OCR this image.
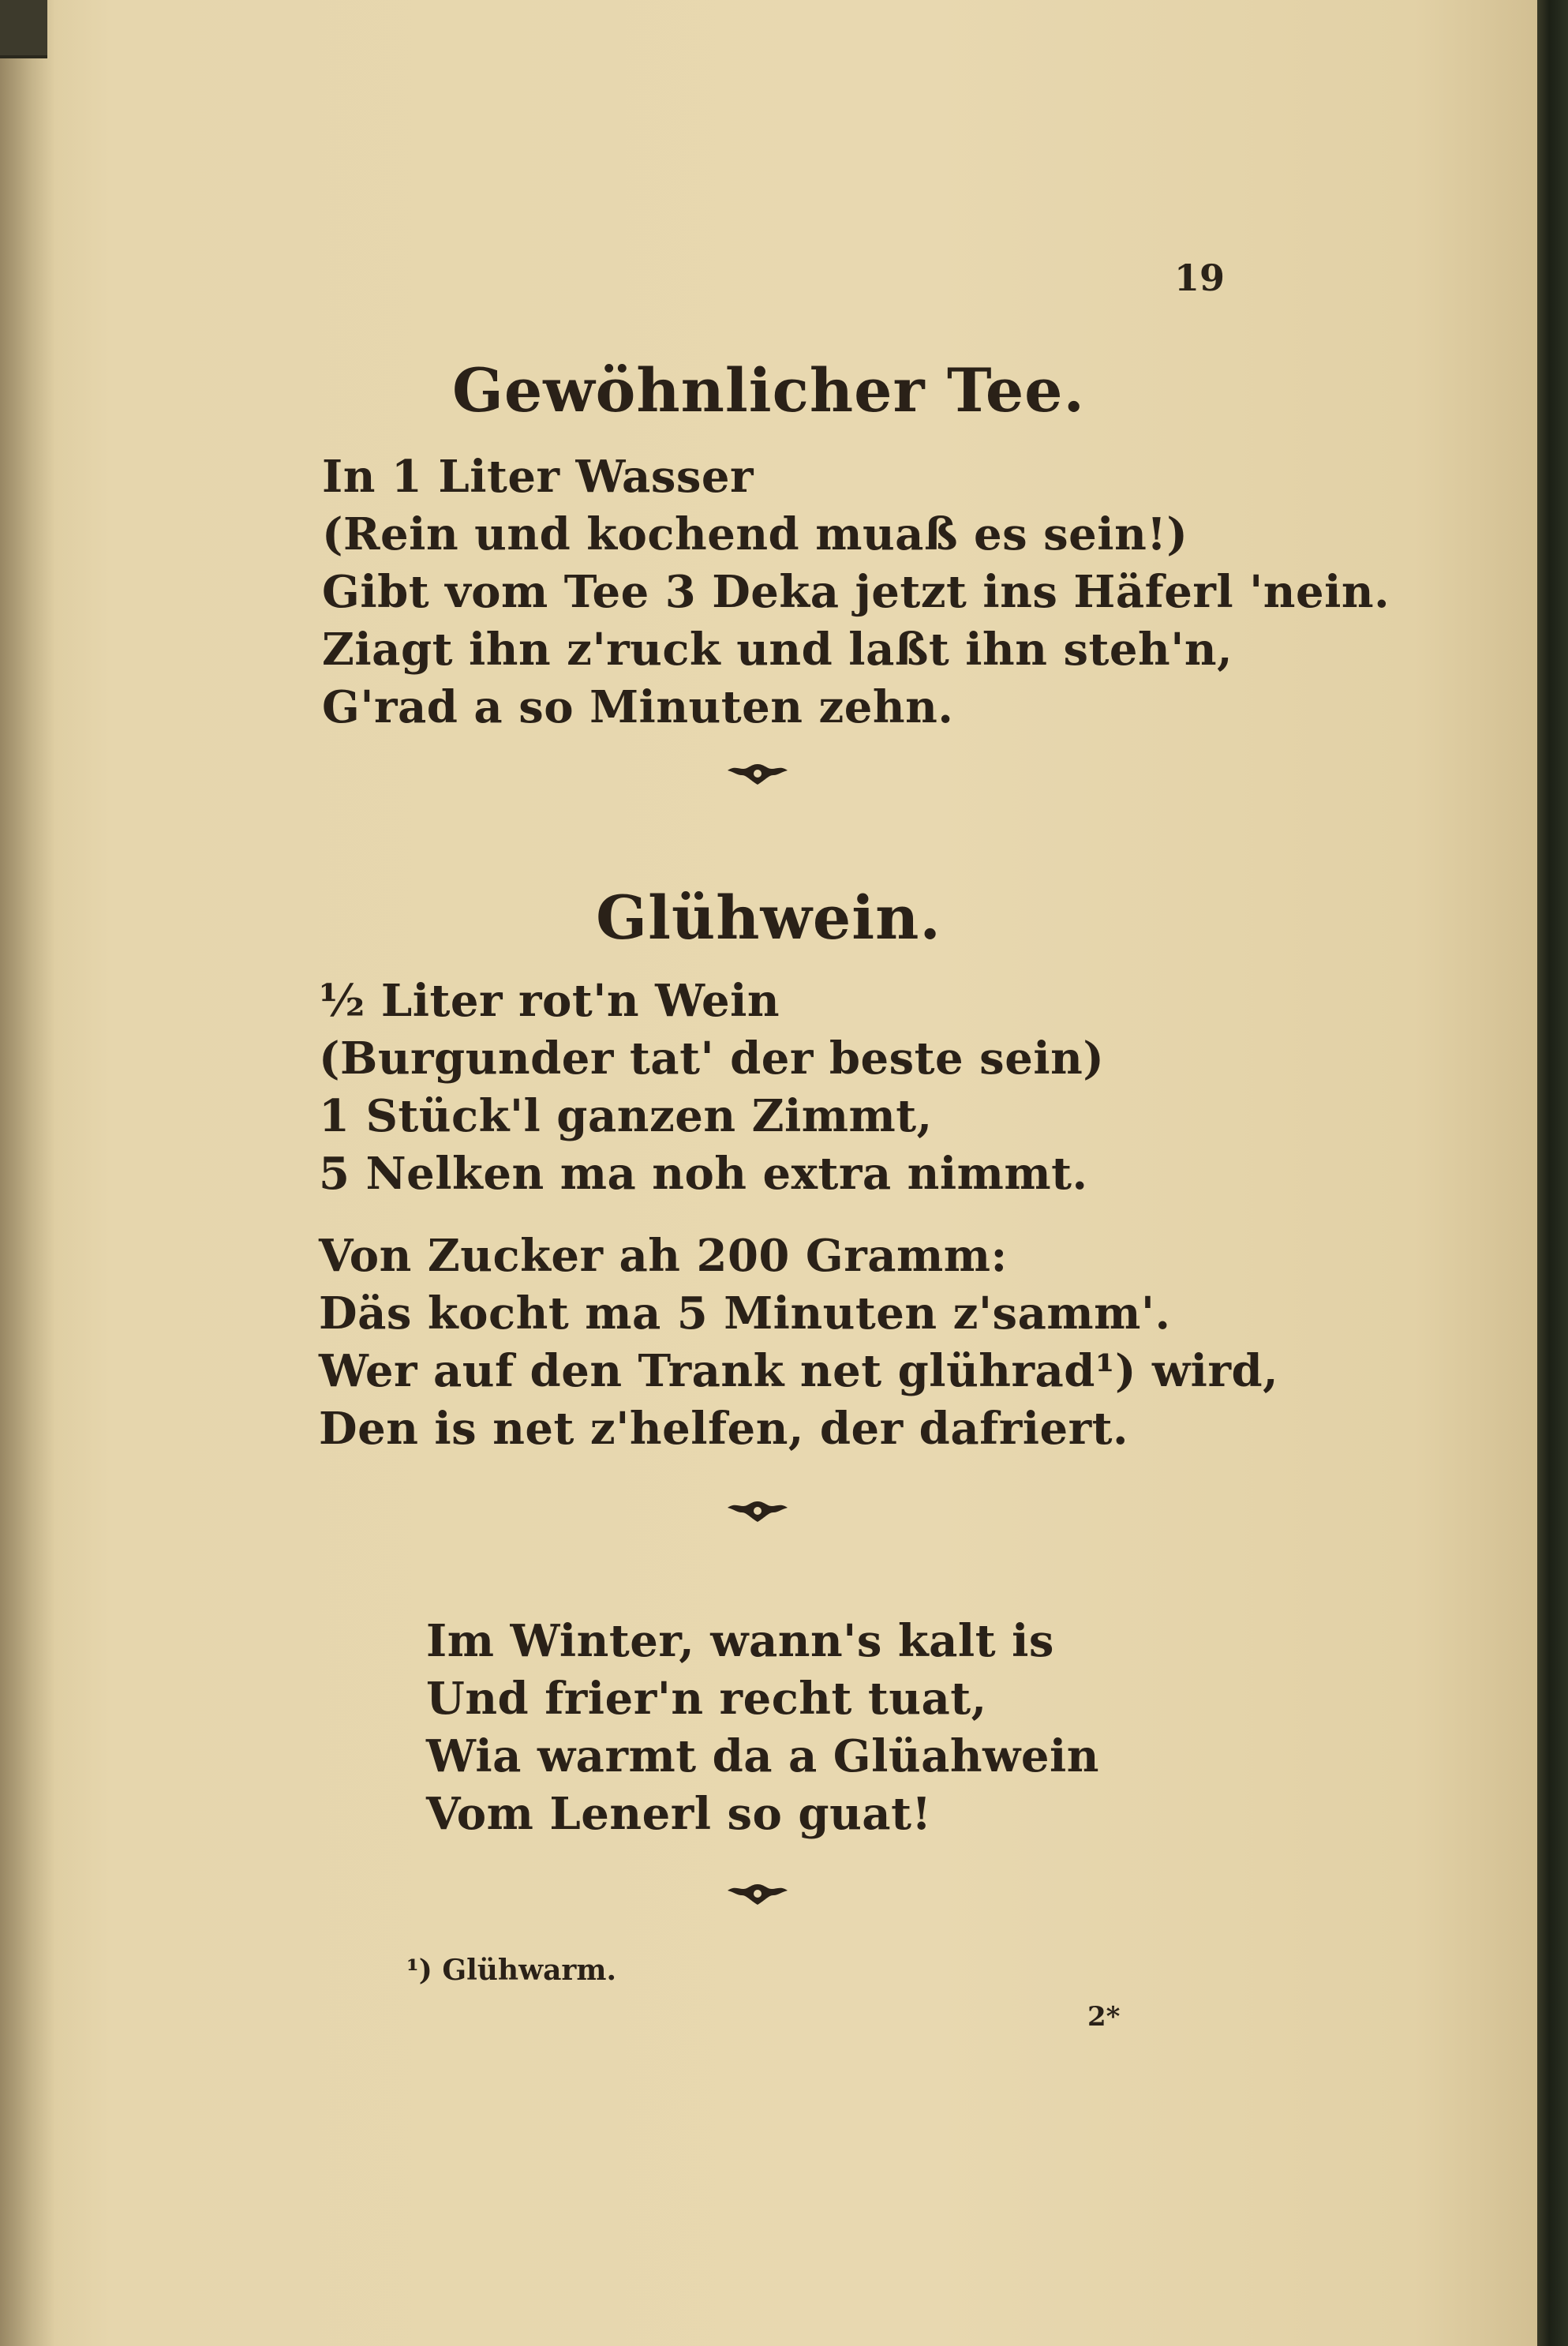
19
Gewöhnlicher Tee.
In 1 Liter Wasser
(Rein und kochend muaß es sein!)
Gibt vom Tee 3 Deka jetzt ins Häferl 'nein.
Ziagt ihn z'ruck und laßt ihn steh'n,
G'rad a so Minuten zehn.
Glühwein.
½ Liter rot'n Wein
(Burgunder tat' der beste sein)
1 Stück'l ganzen Zimmt,
5 Nelken ma noh extra nimmt.
Von Zucker ah 200 Gramm:
Däs kocht ma 5 Minuten z'samm'.
Wer auf den Trank net glührad¹) wird,
Den is net z'helfen, der dafriert.
Im Winter, wann's kalt is
Und frier'n recht tuat,
Wia warmt da a Glüahwein
Vom Lenerl so guat!
¹) Glühwarm.
2*
